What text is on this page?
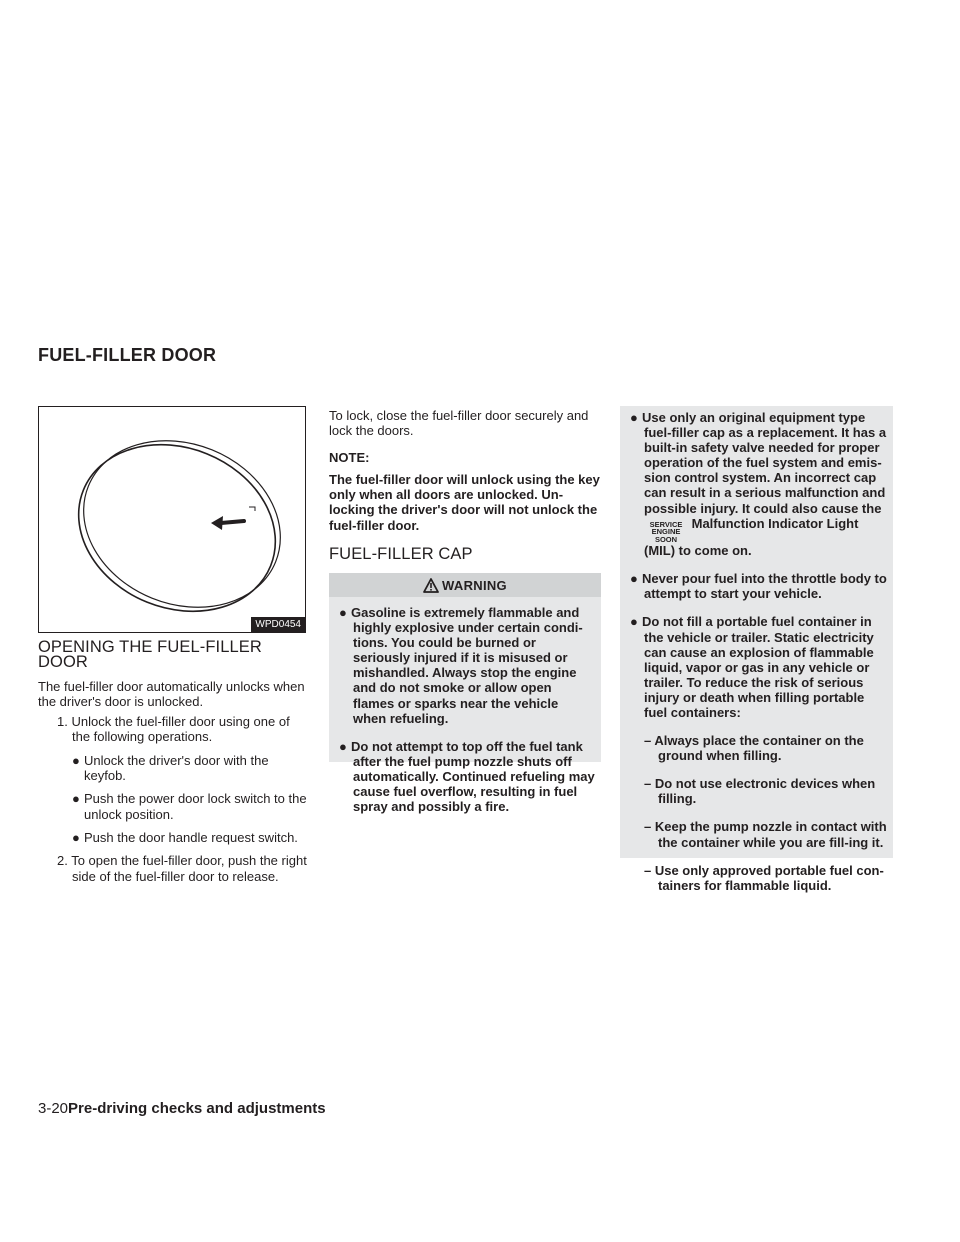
FUEL-FILLER DOOR
WPD0454

OPENING THE FUEL-FILLER DOOR

The fuel-filler door automatically unlocks when the driver's door is unlocked.

1. Unlock the fuel-filler door using one of the following operations.

● Unlock the driver's door with the keyfob.

● Push the power door lock switch to the unlock position.

● Push the door handle request switch.

2. To open the fuel-filler door, push the right side of the fuel-filler door to release.

To lock, close the fuel-filler door securely and lock the doors.

NOTE:

The fuel-filler door will unlock using the key only when all doors are unlocked. Un-locking the driver's door will not unlock the fuel-filler door.

FUEL-FILLER CAP

WARNING

● Gasoline is extremely flammable and highly explosive under certain condi-tions. You could be burned or seriously injured if it is misused or mishandled. Always stop the engine and do not smoke or allow open flames or sparks near the vehicle when refueling.

● Do not attempt to top off the fuel tank after the fuel pump nozzle shuts off automatically. Continued refueling may cause fuel overflow, resulting in fuel spray and possibly a fire.

● Use only an original equipment type fuel-filler cap as a replacement. It has a built-in safety valve needed for proper operation of the fuel system and emis-sion control system. An incorrect cap can result in a serious malfunction and possible injury. It could also cause the SERVICE
ENGINE
SOON Malfunction Indicator Light (MIL) to come on.

● Never pour fuel into the throttle body to attempt to start your vehicle.

● Do not fill a portable fuel container in the vehicle or trailer. Static electricity can cause an explosion of flammable liquid, vapor or gas in any vehicle or trailer. To reduce the risk of serious injury or death when filling portable fuel containers:

– Always place the container on the ground when filling.

– Do not use electronic devices when filling.

– Keep the pump nozzle in contact with the container while you are fill-ing it.

– Use only approved portable fuel con-tainers for flammable liquid.

3-20Pre-driving checks and adjustments
